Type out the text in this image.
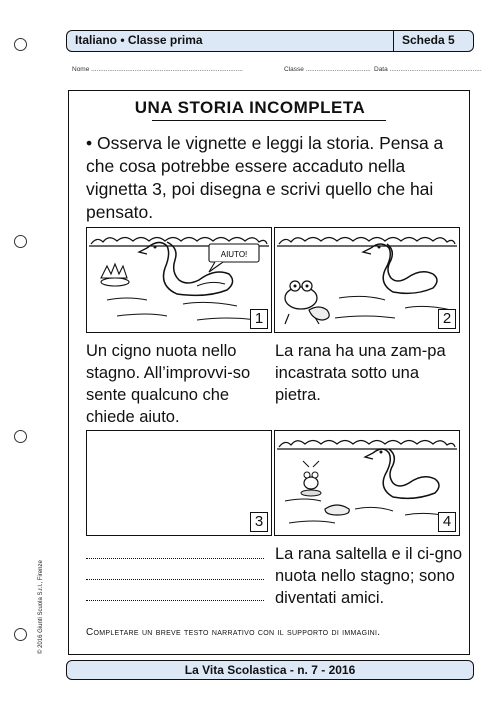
Italiano • Classe prima	Scheda 5
Nome ....................................................................................	Classe .................................... Data ...................................................
UNA STORIA INCOMPLETA
• Osserva le vignette e leggi la storia. Pensa a che cosa potrebbe essere accaduto nella vignetta 3, poi disegna e scrivi quello che hai pensato.
AIUTO!
1	2
Un cigno nuota nello stagno. All’improvvi-so sente qualcuno che chiede aiuto.
La rana ha una zam-pa incastrata sotto una pietra.
3	4
La rana saltella e il ci-gno nuota nello stagno; sono diventati amici.
Completare un breve testo narrativo con il supporto di immagini.
© 2016 Giunti Scuola S.r.l., Firenze
La Vita Scolastica - n. 7 - 2016
